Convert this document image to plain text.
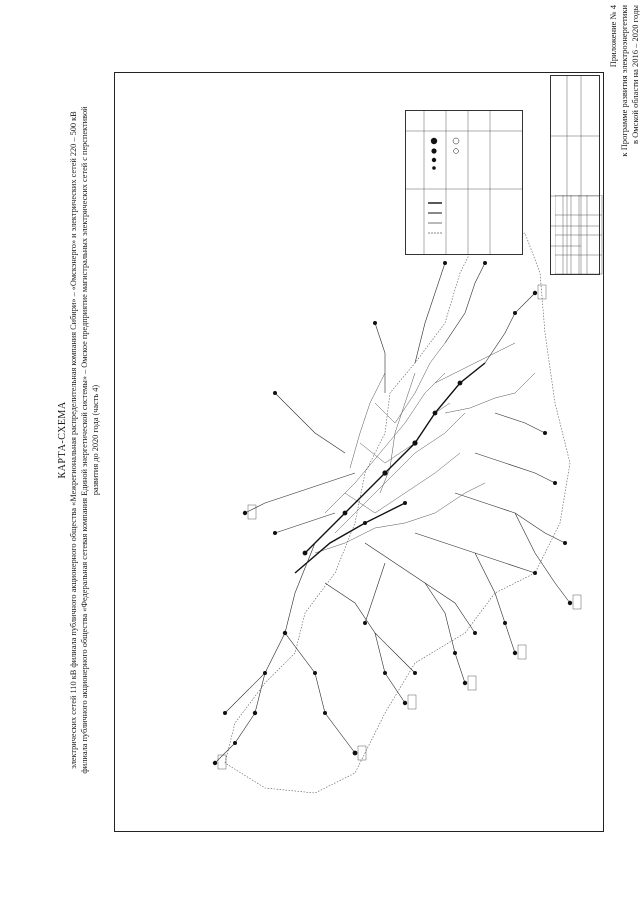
Приложение № 4 к Программе развития электроэнергетики в Омской области на 2016 – 2020 годы
КАРТА-СХЕМА электрических сетей 110 кВ филиала публичного акционерного общества «Межрегиональная распределительная компания Сибири» – «Омскэнерго» и электрических сетей 220 – 500 кВ филиала публичного акционерного общества «Федеральная сетевая компания Единой энергетической системы» – Омское предприятие магистральных электрических сетей с перспективой развития до 2020 года (часть 4)
